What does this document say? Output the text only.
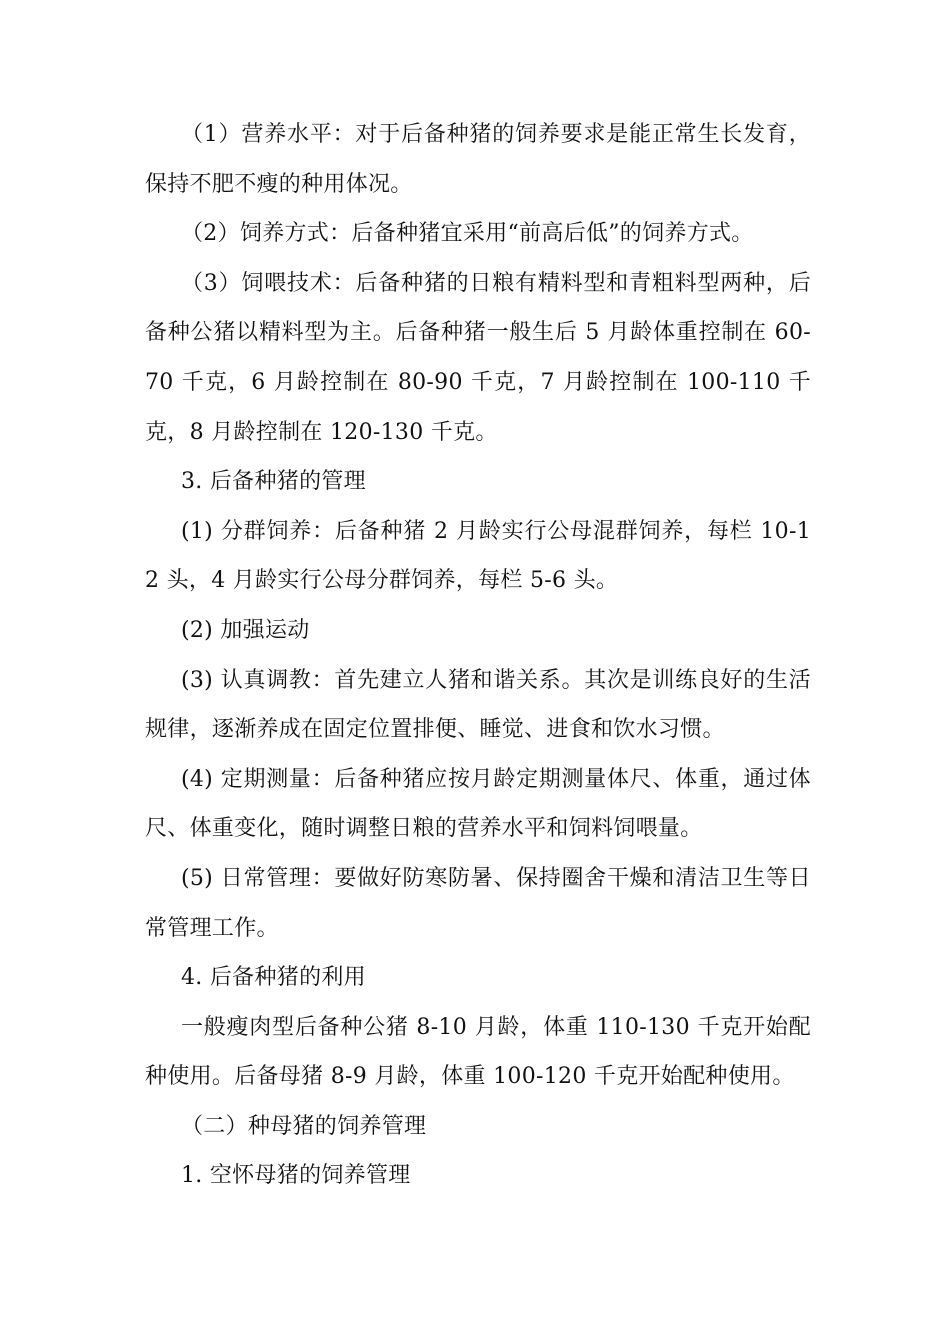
（1）营养水平：对于后备种猪的饲养要求是能正常生长发育，保持不肥不瘦的种用体况。

（2）饲养方式：后备种猪宜采用“前高后低”的饲养方式。

（3）饲喂技术：后备种猪的日粮有精料型和青粗料型两种，后备种公猪以精料型为主。后备种猪一般生后 5 月龄体重控制在 60-70 千克，6 月龄控制在 80-90 千克，7 月龄控制在 100-110 千克，8 月龄控制在 120-130 千克。

3. 后备种猪的管理

(1) 分群饲养：后备种猪 2 月龄实行公母混群饲养，每栏 10-12 头，4 月龄实行公母分群饲养，每栏 5-6 头。

(2) 加强运动

(3) 认真调教：首先建立人猪和谐关系。其次是训练良好的生活规律，逐渐养成在固定位置排便、睡觉、进食和饮水习惯。

(4) 定期测量：后备种猪应按月龄定期测量体尺、体重，通过体尺、体重变化，随时调整日粮的营养水平和饲料饲喂量。

(5) 日常管理：要做好防寒防暑、保持圈舍干燥和清洁卫生等日常管理工作。

4. 后备种猪的利用

一般瘦肉型后备种公猪 8-10 月龄，体重 110-130 千克开始配种使用。后备母猪 8-9 月龄，体重 100-120 千克开始配种使用。

（二）种母猪的饲养管理

1. 空怀母猪的饲养管理
